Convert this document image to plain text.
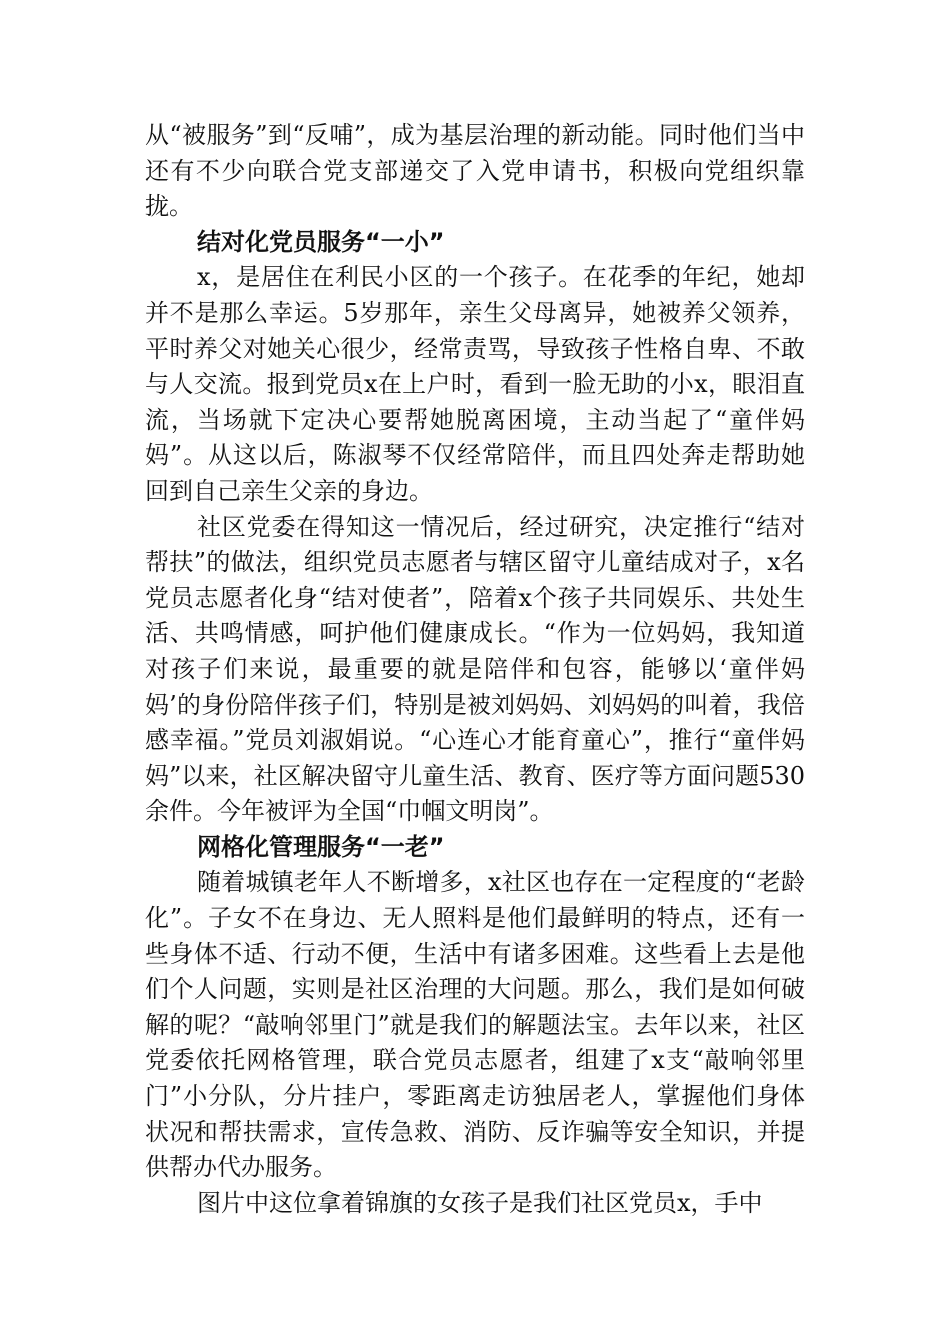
从“被服务”到“反哺”，成为基层治理的新动能。同时他们当中还有不少向联合党支部递交了入党申请书，积极向党组织靠拢。

结对化党员服务“一小”

x，是居住在利民小区的一个孩子。在花季的年纪，她却并不是那么幸运。5岁那年，亲生父母离异，她被养父领养，平时养父对她关心很少，经常责骂，导致孩子性格自卑、不敢与人交流。报到党员x在上户时，看到一脸无助的小x，眼泪直流，当场就下定决心要帮她脱离困境，主动当起了“童伴妈妈”。从这以后，陈淑琴不仅经常陪伴，而且四处奔走帮助她回到自己亲生父亲的身边。

社区党委在得知这一情况后，经过研究，决定推行“结对帮扶”的做法，组织党员志愿者与辖区留守儿童结成对子，x名党员志愿者化身“结对使者”，陪着x个孩子共同娱乐、共处生活、共鸣情感，呵护他们健康成长。“作为一位妈妈，我知道对孩子们来说，最重要的就是陪伴和包容，能够以‘童伴妈妈’的身份陪伴孩子们，特别是被刘妈妈、刘妈妈的叫着，我倍感幸福。”党员刘淑娟说。“心连心才能育童心”，推行“童伴妈妈”以来，社区解决留守儿童生活、教育、医疗等方面问题530余件。今年被评为全国“巾帼文明岗”。

网格化管理服务“一老”

随着城镇老年人不断增多，x社区也存在一定程度的“老龄化”。子女不在身边、无人照料是他们最鲜明的特点，还有一些身体不适、行动不便，生活中有诸多困难。这些看上去是他们个人问题，实则是社区治理的大问题。那么，我们是如何破解的呢？“敲响邻里门”就是我们的解题法宝。去年以来，社区党委依托网格管理，联合党员志愿者，组建了x支“敲响邻里门”小分队，分片挂户，零距离走访独居老人，掌握他们身体状况和帮扶需求，宣传急救、消防、反诈骗等安全知识，并提供帮办代办服务。

图片中这位拿着锦旗的女孩子是我们社区党员x，手中
